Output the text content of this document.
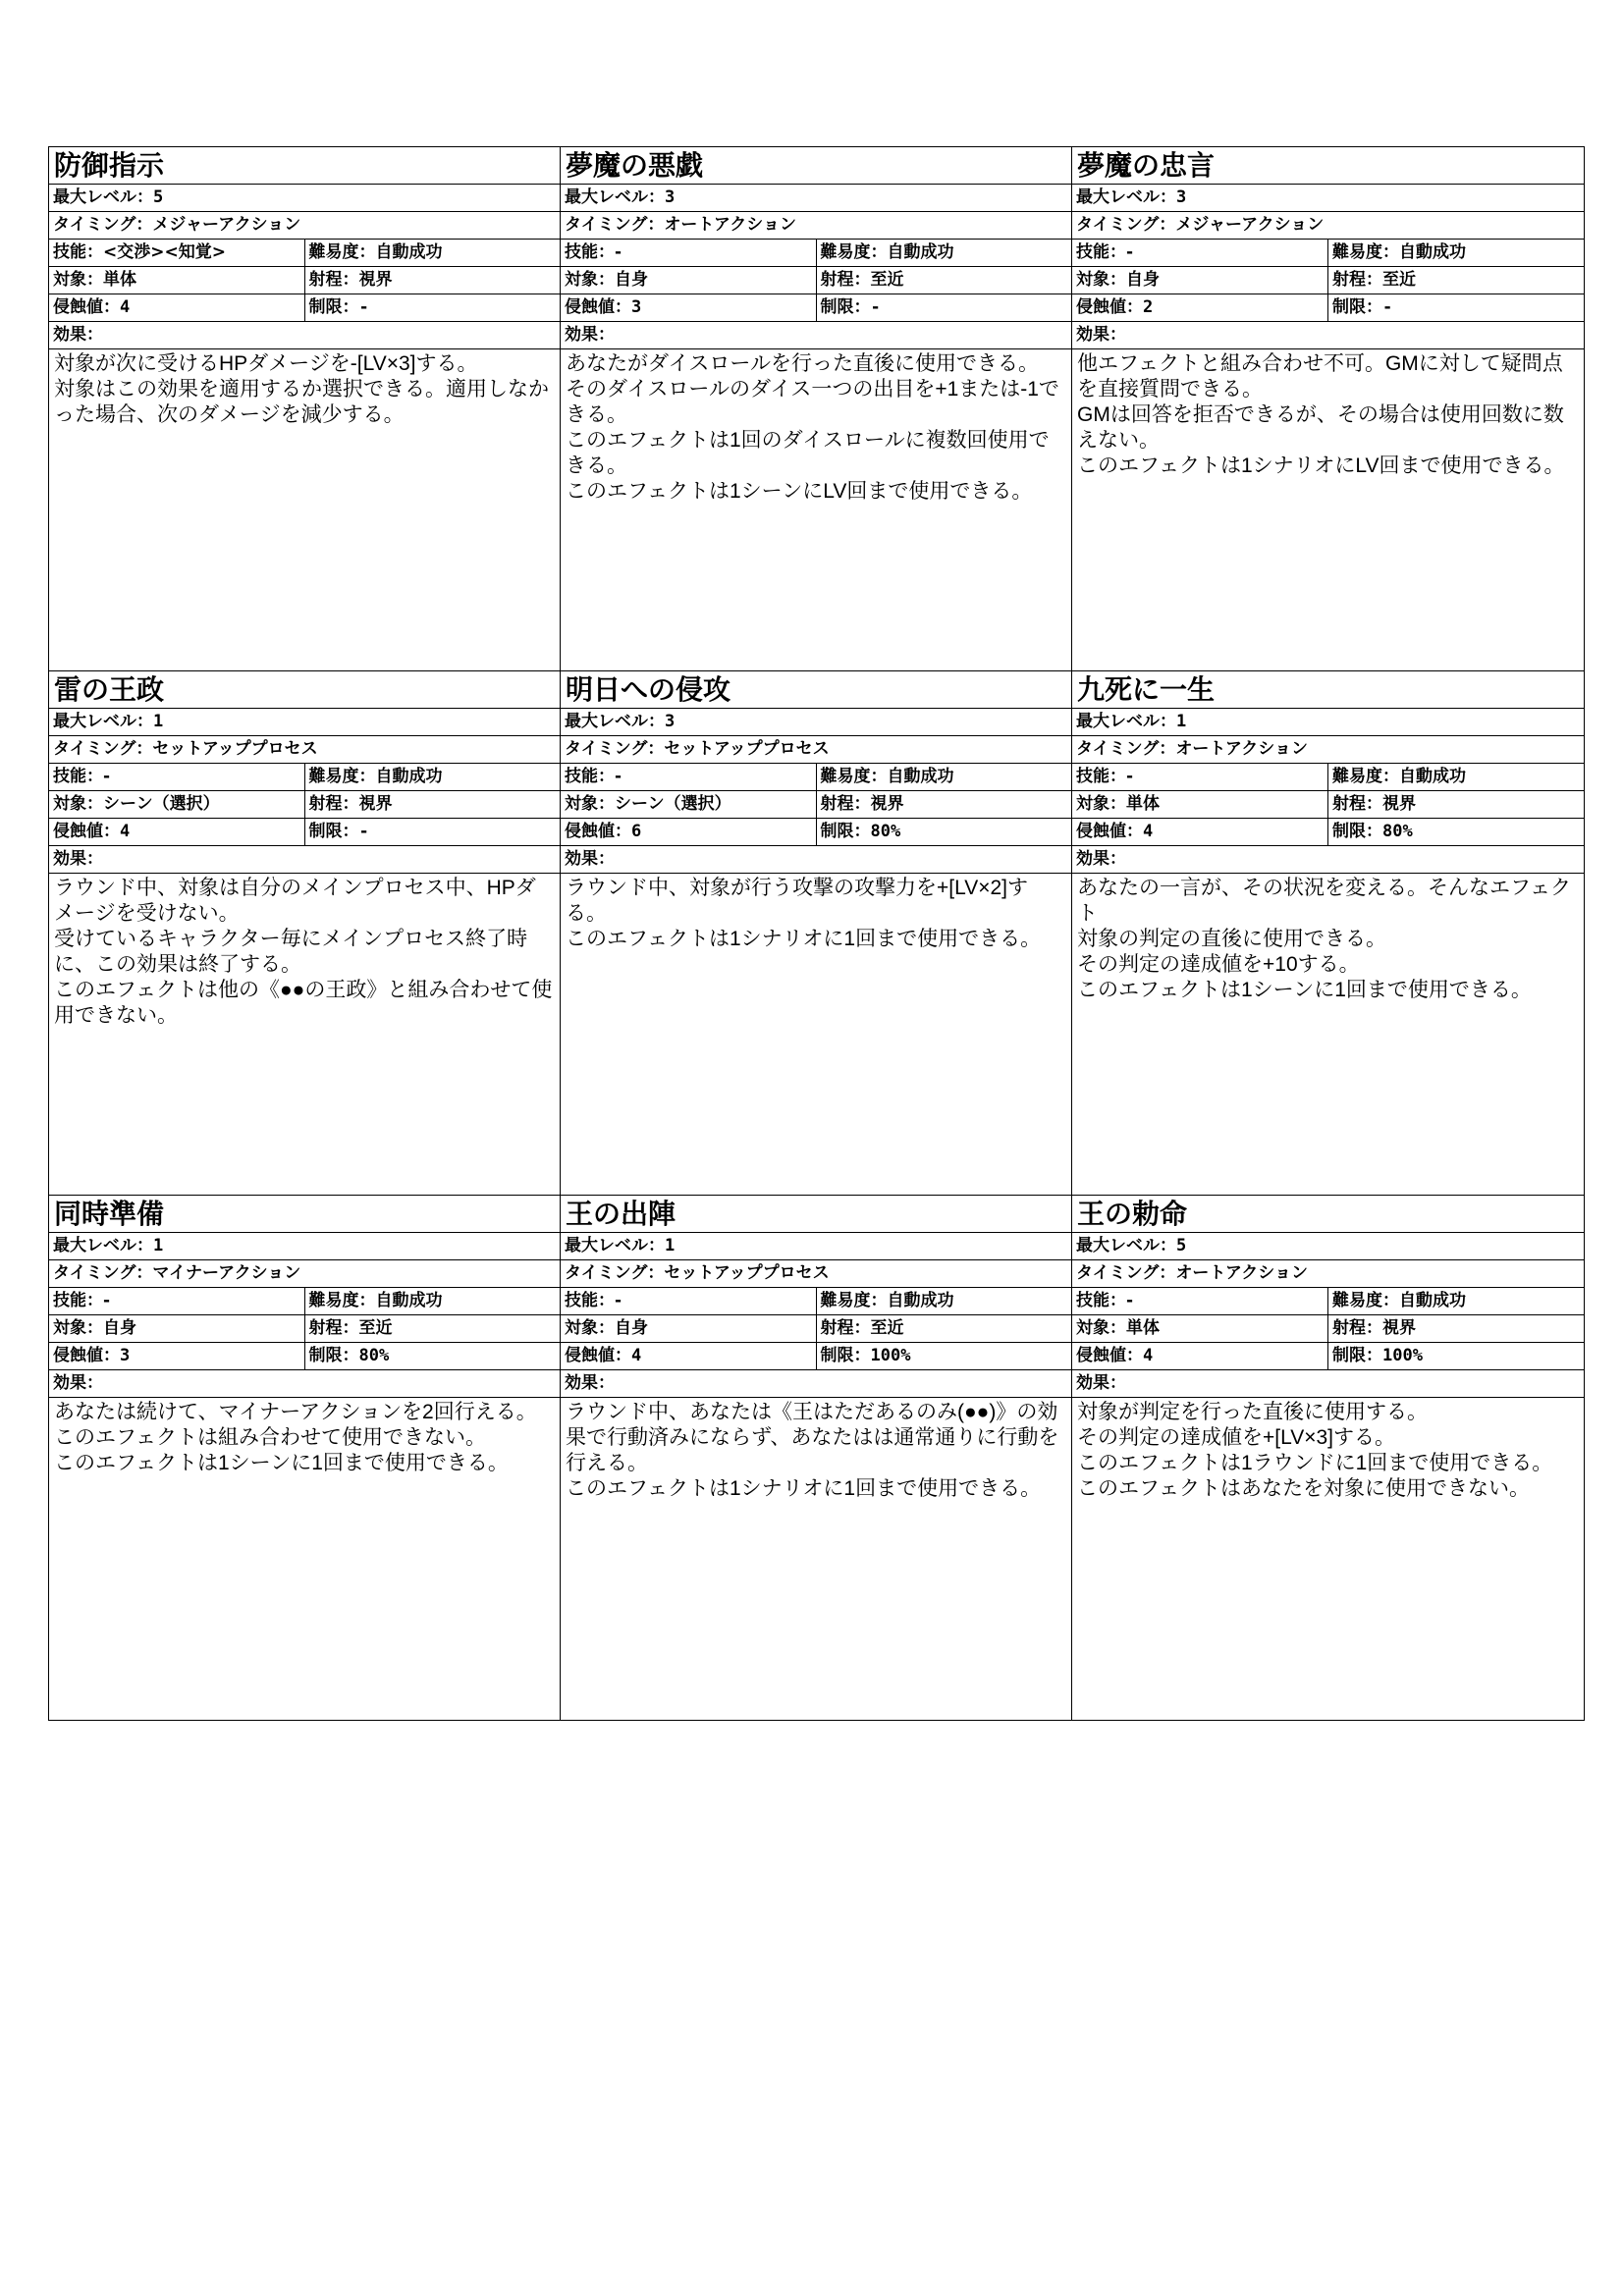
防御指示
最大レベル：5
タイミング：メジャーアクション
技能：<交渉><知覚>	難易度：自動成功
対象：単体	射程：視界
侵蝕値：4	制限：-
効果：
対象が次に受けるHPダメージを-[LV×3]する。
対象はこの効果を適用するか選択できる。適用しなかった場合、次のダメージを減少する。
夢魔の悪戯
最大レベル：3
タイミング：オートアクション
技能：-	難易度：自動成功
対象：自身	射程：至近
侵蝕値：3	制限：-
効果：
あなたがダイスロールを行った直後に使用できる。
そのダイスロールのダイス一つの出目を+1または-1できる。
このエフェクトは1回のダイスロールに複数回使用できる。
このエフェクトは1シーンにLV回まで使用できる。
夢魔の忠言
最大レベル：3
タイミング：メジャーアクション
技能：-	難易度：自動成功
対象：自身	射程：至近
侵蝕値：2	制限：-
効果：
他エフェクトと組み合わせ不可。GMに対して疑問点を直接質問できる。
GMは回答を拒否できるが、その場合は使用回数に数えない。
このエフェクトは1シナリオにLV回まで使用できる。
雷の王政
最大レベル：1
タイミング：セットアッププロセス
技能：-	難易度：自動成功
対象：シーン（選択）	射程：視界
侵蝕値：4	制限：-
効果：
ラウンド中、対象は自分のメインプロセス中、HPダメージを受けない。
受けているキャラクター毎にメインプロセス終了時に、この効果は終了する。
このエフェクトは他の《●●の王政》と組み合わせて使用できない。
明日への侵攻
最大レベル：3
タイミング：セットアッププロセス
技能：-	難易度：自動成功
対象：シーン（選択）	射程：視界
侵蝕値：6	制限：80%
効果：
ラウンド中、対象が行う攻撃の攻撃力を+[LV×2]する。
このエフェクトは1シナリオに1回まで使用できる。
九死に一生
最大レベル：1
タイミング：オートアクション
技能：-	難易度：自動成功
対象：単体	射程：視界
侵蝕値：4	制限：80%
効果：
あなたの一言が、その状況を変える。そんなエフェクト
対象の判定の直後に使用できる。
その判定の達成値を+10する。
このエフェクトは1シーンに1回まで使用できる。
同時準備
最大レベル：1
タイミング：マイナーアクション
技能：-	難易度：自動成功
対象：自身	射程：至近
侵蝕値：3	制限：80%
効果：
あなたは続けて、マイナーアクションを2回行える。
このエフェクトは組み合わせて使用できない。
このエフェクトは1シーンに1回まで使用できる。
王の出陣
最大レベル：1
タイミング：セットアッププロセス
技能：-	難易度：自動成功
対象：自身	射程：至近
侵蝕値：4	制限：100%
効果：
ラウンド中、あなたは《王はただあるのみ(●●)》の効果で行動済みにならず、あなたはは通常通りに行動を行える。
このエフェクトは1シナリオに1回まで使用できる。
王の勅命
最大レベル：5
タイミング：オートアクション
技能：-	難易度：自動成功
対象：単体	射程：視界
侵蝕値：4	制限：100%
効果：
対象が判定を行った直後に使用する。
その判定の達成値を+[LV×3]する。
このエフェクトは1ラウンドに1回まで使用できる。
このエフェクトはあなたを対象に使用できない。
